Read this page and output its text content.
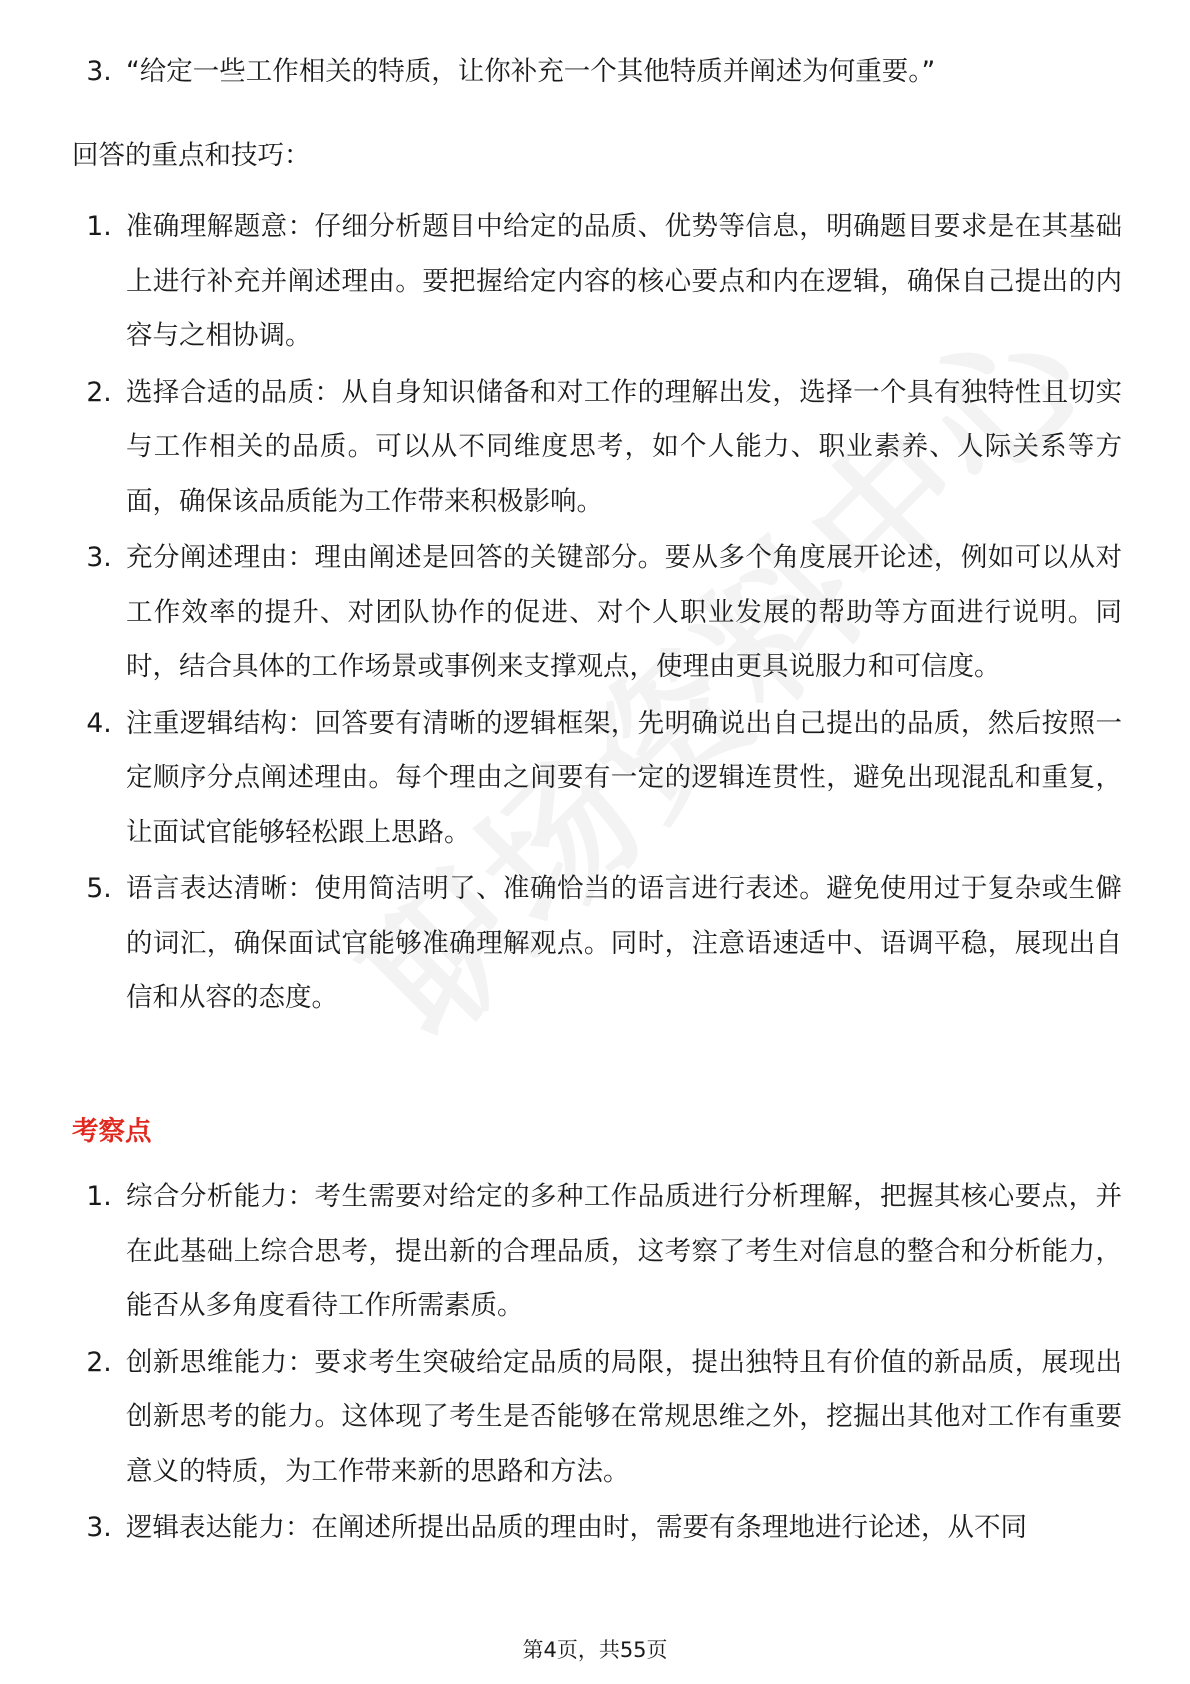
3. “给定一些工作相关的特质，让你补充一个其他特质并阐述为何重要。”
回答的重点和技巧：
1. 准确理解题意：仔细分析题目中给定的品质、优势等信息，明确题目要求是在其基础上进行补充并阐述理由。要把握给定内容的核心要点和内在逻辑，确保自己提出的内容与之相协调。
2. 选择合适的品质：从自身知识储备和对工作的理解出发，选择一个具有独特性且切实与工作相关的品质。可以从不同维度思考，如个人能力、职业素养、人际关系等方面，确保该品质能为工作带来积极影响。
3. 充分阐述理由：理由阐述是回答的关键部分。要从多个角度展开论述，例如可以从对工作效率的提升、对团队协作的促进、对个人职业发展的帮助等方面进行说明。同时，结合具体的工作场景或事例来支撑观点，使理由更具说服力和可信度。
4. 注重逻辑结构：回答要有清晰的逻辑框架，先明确说出自己提出的品质，然后按照一定顺序分点阐述理由。每个理由之间要有一定的逻辑连贯性，避免出现混乱和重复，让面试官能够轻松跟上思路。
5. 语言表达清晰：使用简洁明了、准确恰当的语言进行表述。避免使用过于复杂或生僻的词汇，确保面试官能够准确理解观点。同时，注意语速适中、语调平稳，展现出自信和从容的态度。
考察点
1. 综合分析能力：考生需要对给定的多种工作品质进行分析理解，把握其核心要点，并在此基础上综合思考，提出新的合理品质，这考察了考生对信息的整合和分析能力，能否从多角度看待工作所需素质。
2. 创新思维能力：要求考生突破给定品质的局限，提出独特且有价值的新品质，展现出创新思考的能力。这体现了考生是否能够在常规思维之外，挖掘出其他对工作有重要意义的特质，为工作带来新的思路和方法。
3. 逻辑表达能力：在阐述所提出品质的理由时，需要有条理地进行论述，从不同
第4页，共55页
